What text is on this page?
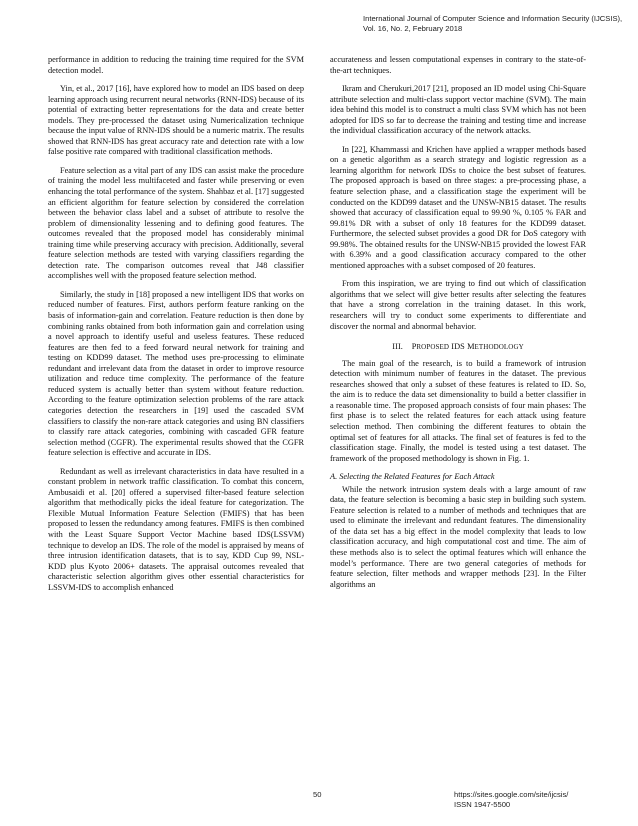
International Journal of Computer Science and Information Security (IJCSIS),
Vol. 16, No. 2, February 2018

performance in addition to reducing the training time required for the SVM detection model.

Yin, et al., 2017 [16], have explored how to model an IDS based on deep learning approach using recurrent neural networks (RNN-IDS) because of its potential of extracting better representations for the data and create better models. They pre-processed the dataset using Numericalization technique because the input value of RNN-IDS should be a numeric matrix. The results showed that RNN-IDS has great accuracy rate and detection rate with a low false positive rate compared with traditional classification methods.

Feature selection as a vital part of any IDS can assist make the procedure of training the model less multifaceted and faster while preserving or even enhancing the total performance of the system. Shahbaz et al. [17] suggested an efficient algorithm for feature selection by considered the correlation between the behavior class label and a subset of attribute to resolve the problem of dimensionality lessening and to defining good features. The outcomes revealed that the proposed model has considerably minimal training time while preserving accuracy with precision. Additionally, several feature selection methods are tested with varying classifiers regarding the detection rate. The comparison outcomes reveal that J48 classifier accomplishes well with the proposed feature selection method.

Similarly, the study in [18] proposed a new intelligent IDS that works on reduced number of features. First, authors perform feature ranking on the basis of information-gain and correlation. Feature reduction is then done by combining ranks obtained from both information gain and correlation using a novel approach to identify useful and useless features. These reduced features are then fed to a feed forward neural network for training and testing on KDD99 dataset. The method uses pre-processing to eliminate redundant and irrelevant data from the dataset in order to improve resource utilization and reduce time complexity. The performance of the feature reduced system is actually better than system without feature reduction. According to the feature optimization selection problems of the rare attack categories detection the researchers in [19] used the cascaded SVM classifiers to classify the non-rare attack categories and using BN classifiers to classify rare attack categories, combining with cascaded GFR feature selection method (CGFR). The experimental results showed that the CGFR feature selection is effective and accurate in IDS.

Redundant as well as irrelevant characteristics in data have resulted in a constant problem in network traffic classification. To combat this concern, Ambusaidi et al. [20] offered a supervised filter-based feature selection algorithm that methodically picks the ideal feature for categorization. The Flexible Mutual Information Feature Selection (FMIFS) that has been proposed to lessen the redundancy among features. FMIFS is then combined with the Least Square Support Vector Machine based IDS(LSSVM) technique to develop an IDS. The role of the model is appraised by means of three intrusion identification datasets, that is to say, KDD Cup 99, NSL-KDD plus Kyoto 2006+ datasets. The appraisal outcomes revealed that characteristic selection algorithm gives other essential characteristics for LSSVM-IDS to accomplish enhanced

accurateness and lessen computational expenses in contrary to the state-of-the-art techniques.

Ikram and Cherukuri,2017 [21], proposed an ID model using Chi-Square attribute selection and multi-class support vector machine (SVM). The main idea behind this model is to construct a multi class SVM which has not been adopted for IDS so far to decrease the training and testing time and increase the individual classification accuracy of the network attacks.

In [22], Khammassi and Krichen have applied a wrapper methods based on a genetic algorithm as a search strategy and logistic regression as a learning algorithm for network IDSs to choice the best subset of features. The proposed approach is based on three stages: a pre-processing phase, a feature selection phase, and a classification stage the experiment will be conducted on the KDD99 dataset and the UNSW-NB15 dataset. The results showed that accuracy of classification equal to 99.90 %, 0.105 % FAR and 99.81% DR with a subset of only 18 features for the KDD99 dataset. Furthermore, the selected subset provides a good DR for DoS category with 99.98%. The obtained results for the UNSW-NB15 provided the lowest FAR with 6.39% and a good classification accuracy compared to the other mentioned approaches with a subset composed of 20 features.

From this inspiration, we are trying to find out which of classification algorithms that we select will give better results after selecting the features that have a strong correlation in the training dataset. In this work, researchers will try to conduct some experiments to differentiate and discover the normal and abnormal behavior.

III. PROPOSED IDS METHODOLOGY

The main goal of the research, is to build a framework of intrusion detection with minimum number of features in the dataset. The previous researches showed that only a subset of these features is related to ID. So, the aim is to reduce the data set dimensionality to build a better classifier in a reasonable time. The proposed approach consists of four main phases: The first phase is to select the related features for each attack using feature selection method. Then combining the different features to obtain the optimal set of features for all attacks. The final set of features is fed to the classification stage. Finally, the model is tested using a test dataset. The framework of the proposed methodology is shown in Fig. 1.

A. Selecting the Related Features for Each Attack

While the network intrusion system deals with a large amount of raw data, the feature selection is becoming a basic step in building such system. Feature selection is related to a number of methods and techniques that are used to eliminate the irrelevant and redundant features. The dimensionality of the data set has a big effect in the model complexity that leads to low classification accuracy, and high computational cost and time. The aim of these methods also is to select the optimal features which will enhance the model’s performance. There are two general categories of methods for feature selection, filter methods and wrapper methods [23]. In the Filter algorithms an

50	https://sites.google.com/site/ijcsis/
ISSN 1947-5500
